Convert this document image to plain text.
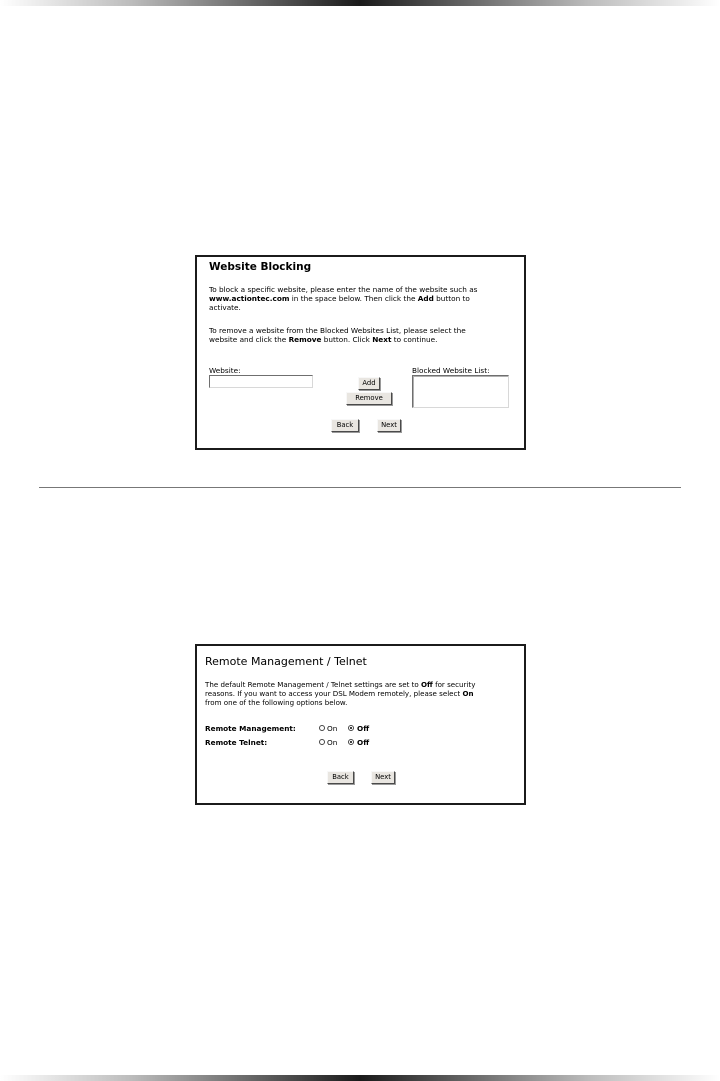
Website Blocking
To block a specific website, please enter the name of the website such as
www.actiontec.com in the space below. Then click the Add button to
activate.
To remove a website from the Blocked Websites List, please select the
website and click the Remove button. Click Next to continue.
Website:	Blocked Website List:
Add
Remove
Back	Next
Remote Management / Telnet
The default Remote Management / Telnet settings are set to Off for security
reasons. If you want to access your DSL Modem remotely, please select On
from one of the following options below.
Remote Management:	On	Off
Remote Telnet:	On	Off
Back	Next
